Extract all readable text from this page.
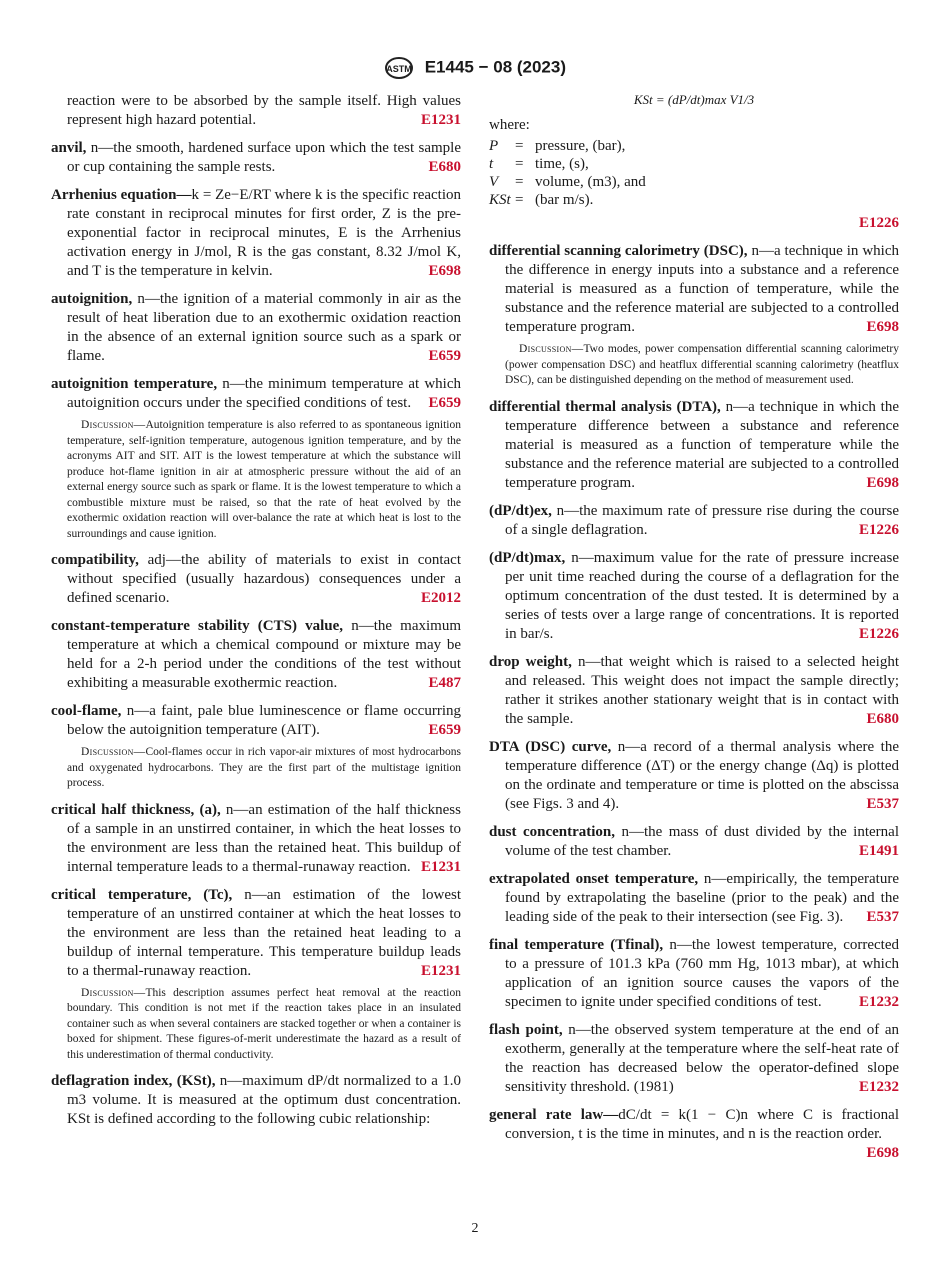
ASTM E1445 − 08 (2023)
reaction were to be absorbed by the sample itself. High values represent high hazard potential.	E1231
anvil, n—the smooth, hardened surface upon which the test sample or cup containing the sample rests.	E680
Arrhenius equation—k = Ze−E/RT where k is the specific reaction rate constant in reciprocal minutes for first order, Z is the pre-exponential factor in reciprocal minutes, E is the Arrhenius activation energy in J/mol, R is the gas constant, 8.32 J/mol K, and T is the temperature in kelvin.	E698
autoignition, n—the ignition of a material commonly in air as the result of heat liberation due to an exothermic oxidation reaction in the absence of an external ignition source such as a spark or flame.	E659
autoignition temperature, n—the minimum temperature at which autoignition occurs under the specified conditions of test. E659
Discussion—Autoignition temperature is also referred to as spontaneous ignition temperature, self-ignition temperature, autogenous ignition temperature, and by the acronyms AIT and SIT. AIT is the lowest temperature at which the substance will produce hot-flame ignition in air at atmospheric pressure without the aid of an external energy source such as spark or flame. It is the lowest temperature to which a combustible mixture must be raised, so that the rate of heat evolved by the exothermic oxidation reaction will over-balance the rate at which heat is lost to the surroundings and cause ignition.
compatibility, adj—the ability of materials to exist in contact without specified (usually hazardous) consequences under a defined scenario.	E2012
constant-temperature stability (CTS) value, n—the maximum temperature at which a chemical compound or mixture may be held for a 2-h period under the conditions of the test without exhibiting a measurable exothermic reaction.	E487
cool-flame, n—a faint, pale blue luminescence or flame occurring below the autoignition temperature (AIT).	E659
Discussion—Cool-flames occur in rich vapor-air mixtures of most hydrocarbons and oxygenated hydrocarbons. They are the first part of the multistage ignition process.
critical half thickness, (a), n—an estimation of the half thickness of a sample in an unstirred container, in which the heat losses to the environment are less than the retained heat. This buildup of internal temperature leads to a thermal-runaway reaction. E1231
critical temperature, (Tc), n—an estimation of the lowest temperature of an unstirred container at which the heat losses to the environment are less than the retained heat leading to a buildup of internal temperature. This temperature buildup leads to a thermal-runaway reaction.	E1231
Discussion—This description assumes perfect heat removal at the reaction boundary. This condition is not met if the reaction takes place in an insulated container such as when several containers are stacked together or when a container is boxed for shipment. These figures-of-merit underestimate the hazard as a result of this underestimation of thermal conductivity.
deflagration index, (KSt), n—maximum dP/dt normalized to a 1.0 m3 volume. It is measured at the optimum dust concentration. KSt is defined according to the following cubic relationship:
KSt = (dP/dt)max V1/3
where:
P	= pressure, (bar),
t	= time, (s),
V	= volume, (m3), and
KSt = (bar m/s).
E1226
differential scanning calorimetry (DSC), n—a technique in which the difference in energy inputs into a substance and a reference material is measured as a function of temperature, while the substance and the reference material are subjected to a controlled temperature program.	E698
Discussion—Two modes, power compensation differential scanning calorimetry (power compensation DSC) and heatflux differential scanning calorimetry (heatflux DSC), can be distinguished depending on the method of measurement used.
differential thermal analysis (DTA), n—a technique in which the temperature difference between a substance and reference material is measured as a function of temperature while the substance and the reference material are subjected to a controlled temperature program.	E698
(dP/dt)ex, n—the maximum rate of pressure rise during the course of a single deflagration.	E1226
(dP/dt)max, n—maximum value for the rate of pressure increase per unit time reached during the course of a deflagration for the optimum concentration of the dust tested. It is determined by a series of tests over a large range of concentrations. It is reported in bar/s.	E1226
drop weight, n—that weight which is raised to a selected height and released. This weight does not impact the sample directly; rather it strikes another stationary weight that is in contact with the sample.	E680
DTA (DSC) curve, n—a record of a thermal analysis where the temperature difference (ΔT) or the energy change (Δq) is plotted on the ordinate and temperature or time is plotted on the abscissa (see Figs. 3 and 4).	E537
dust concentration, n—the mass of dust divided by the internal volume of the test chamber.	E1491
extrapolated onset temperature, n—empirically, the temperature found by extrapolating the baseline (prior to the peak) and the leading side of the peak to their intersection (see Fig. 3). E537
final temperature (Tfinal), n—the lowest temperature, corrected to a pressure of 101.3 kPa (760 mm Hg, 1013 mbar), at which application of an ignition source causes the vapors of the specimen to ignite under specified conditions of test. E1232
flash point, n—the observed system temperature at the end of an exotherm, generally at the temperature where the self-heat rate of the reaction has decreased below the operator-defined slope sensitivity threshold. (1981)	E1232
general rate law—dC/dt = k(1 − C)n where C is fractional conversion, t is the time in minutes, and n is the reaction order.
E698
2
